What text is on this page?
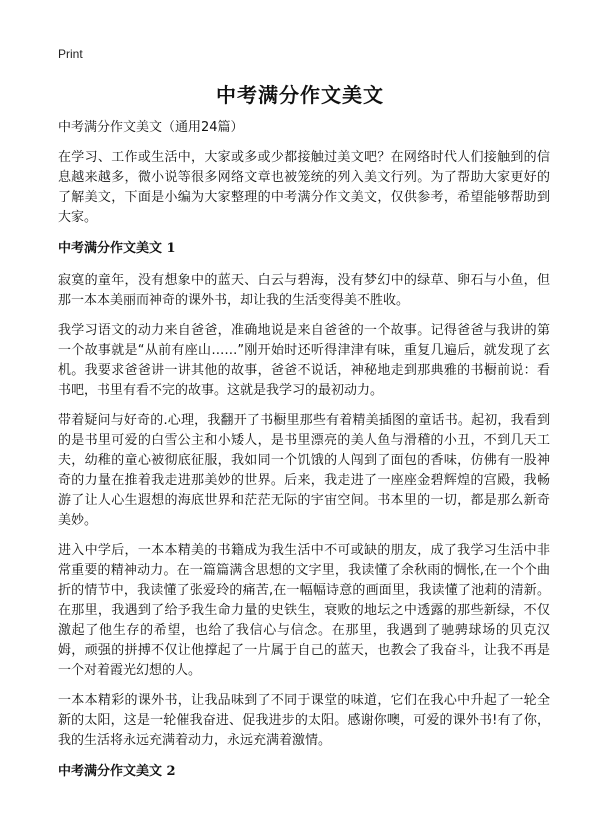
Print
中考满分作文美文

中考满分作文美文（通用24篇）

在学习、工作或生活中，大家或多或少都接触过美文吧？在网络时代人们接触到的信息越来越多，微小说等很多网络文章也被笼统的列入美文行列。为了帮助大家更好的了解美文，下面是小编为大家整理的中考满分作文美文，仅供参考，希望能够帮助到大家。

中考满分作文美文 1

寂寞的童年，没有想象中的蓝天、白云与碧海，没有梦幻中的绿草、卵石与小鱼，但那一本本美丽而神奇的课外书，却让我的生活变得美不胜收。

我学习语文的动力来自爸爸，准确地说是来自爸爸的一个故事。记得爸爸与我讲的第一个故事就是“从前有座山……”刚开始时还听得津津有味，重复几遍后，就发现了玄机。我要求爸爸讲一讲其他的故事，爸爸不说话，神秘地走到那典雅的书橱前说：看书吧，书里有看不完的故事。这就是我学习的最初动力。

带着疑问与好奇的.心理，我翻开了书橱里那些有着精美插图的童话书。起初，我看到的是书里可爱的白雪公主和小矮人，是书里漂亮的美人鱼与滑稽的小丑，不到几天工夫，幼稚的童心被彻底征服，我如同一个饥饿的人闯到了面包的香味，仿佛有一股神奇的力量在推着我走进那美妙的世界。后来，我走进了一座座金碧辉煌的宫殿，我畅游了让人心生遐想的海底世界和茫茫无际的宇宙空间。书本里的一切，都是那么新奇美妙。

进入中学后，一本本精美的书籍成为我生活中不可或缺的朋友，成了我学习生活中非常重要的精神动力。在一篇篇满含思想的文字里，我读懂了余秋雨的惆怅,在一个个曲折的情节中，我读懂了张爱玲的痛苦,在一幅幅诗意的画面里，我读懂了池莉的清新。在那里，我遇到了给予我生命力量的史铁生，衰败的地坛之中透露的那些新绿，不仅激起了他生存的希望，也给了我信心与信念。在那里，我遇到了驰骋球场的贝克汉姆，顽强的拼搏不仅让他撑起了一片属于自己的蓝天，也教会了我奋斗，让我不再是一个对着霞光幻想的人。

一本本精彩的课外书，让我品味到了不同于课堂的味道，它们在我心中升起了一轮全新的太阳，这是一轮催我奋进、促我进步的太阳。感谢你噢，可爱的课外书!有了你，我的生活将永远充满着动力，永远充满着激情。

中考满分作文美文 2
